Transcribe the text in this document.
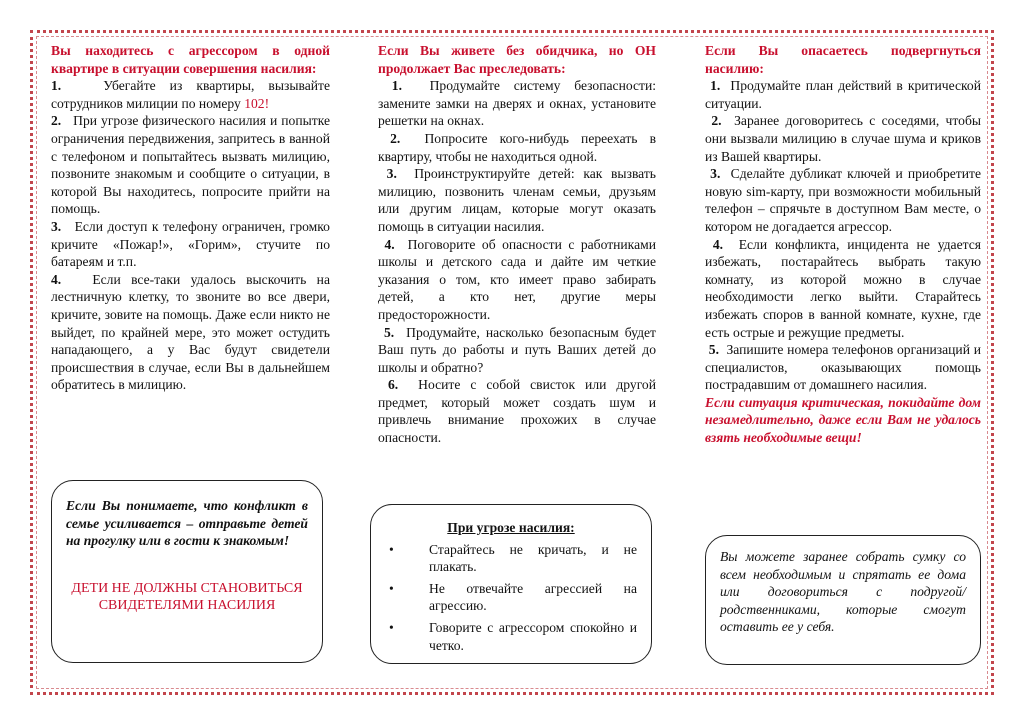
Вы находитесь с агрессором в одной квартире в ситуации совершения насилия:

1.	Убегайте из квартиры, вызывайте сотрудников милиции по номеру 102!

2. При угрозе физического насилия и попытке ограничения передвижения, запритесь в ванной с телефоном и попытайтесь вызвать милицию, позвоните знакомым и сообщите о ситуации, в которой Вы находитесь, попросите прийти на помощь.

3. Если доступ к телефону ограничен, громко кричите «Пожар!», «Горим», стучите по батареям и т.п.

4. Если все-таки удалось выскочить на лестничную клетку, то звоните во все двери, кричите, зовите на помощь. Даже если никто не выйдет, по крайней мере, это может остудить нападающего, а у Вас будут свидетели происшествия в случае, если Вы в дальнейшем обратитесь в милицию.

Если Вы понимаете, что конфликт в семье усиливается – отправьте детей на прогулку или в гости к знакомым!

ДЕТИ НЕ ДОЛЖНЫ СТАНОВИТЬСЯ СВИДЕТЕЛЯМИ НАСИЛИЯ

Если Вы живете без обидчика, но ОН продолжает Вас преследовать:

1. Продумайте систему безопасности: замените замки на дверях и окнах, установите решетки на окнах.

2. Попросите кого-нибудь переехать в квартиру, чтобы не находиться одной.

3. Проинструктируйте детей: как вызвать милицию, позвонить членам семьи, друзьям или другим лицам, которые могут оказать помощь в ситуации насилия.

4. Поговорите об опасности с работниками школы и детского сада и дайте им четкие указания о том, кто имеет право забирать детей, а кто нет, другие меры предосторожности.

5. Продумайте, насколько безопасным будет Ваш путь до работы и путь Ваших детей до школы и обратно?

6. Носите с собой свисток или другой предмет, который может создать шум и привлечь внимание прохожих в случае опасности.

При угрозе насилия:

•	Старайтесь не кричать, и не плакать.
•	Не отвечайте агрессией на агрессию.
•	Говорите с агрессором спокойно и четко.

Если Вы опасаетесь подвергнуться насилию:

1. Продумайте план действий в критической ситуации.

2. Заранее договоритесь с соседями, чтобы они вызвали милицию в случае шума и криков из Вашей квартиры.

3. Сделайте дубликат ключей и приобретите новую sim-карту, при возможности мобильный телефон – спрячьте в доступном Вам месте, о котором не догадается агрессор.

4. Если конфликта, инцидента не удается избежать, постарайтесь выбрать такую комнату, из которой можно в случае необходимости легко выйти. Старайтесь избежать споров в ванной комнате, кухне, где есть острые и режущие предметы.

5. Запишите номера телефонов организаций и специалистов, оказывающих помощь пострадавшим от домашнего насилия.

Если ситуация критическая, покидайте дом незамедлительно, даже если Вам не удалось взять необходимые вещи!

Вы можете заранее собрать сумку со всем необходимым и спрятать ее дома или договориться с подругой/родственниками, которые смогут оставить ее у себя.
